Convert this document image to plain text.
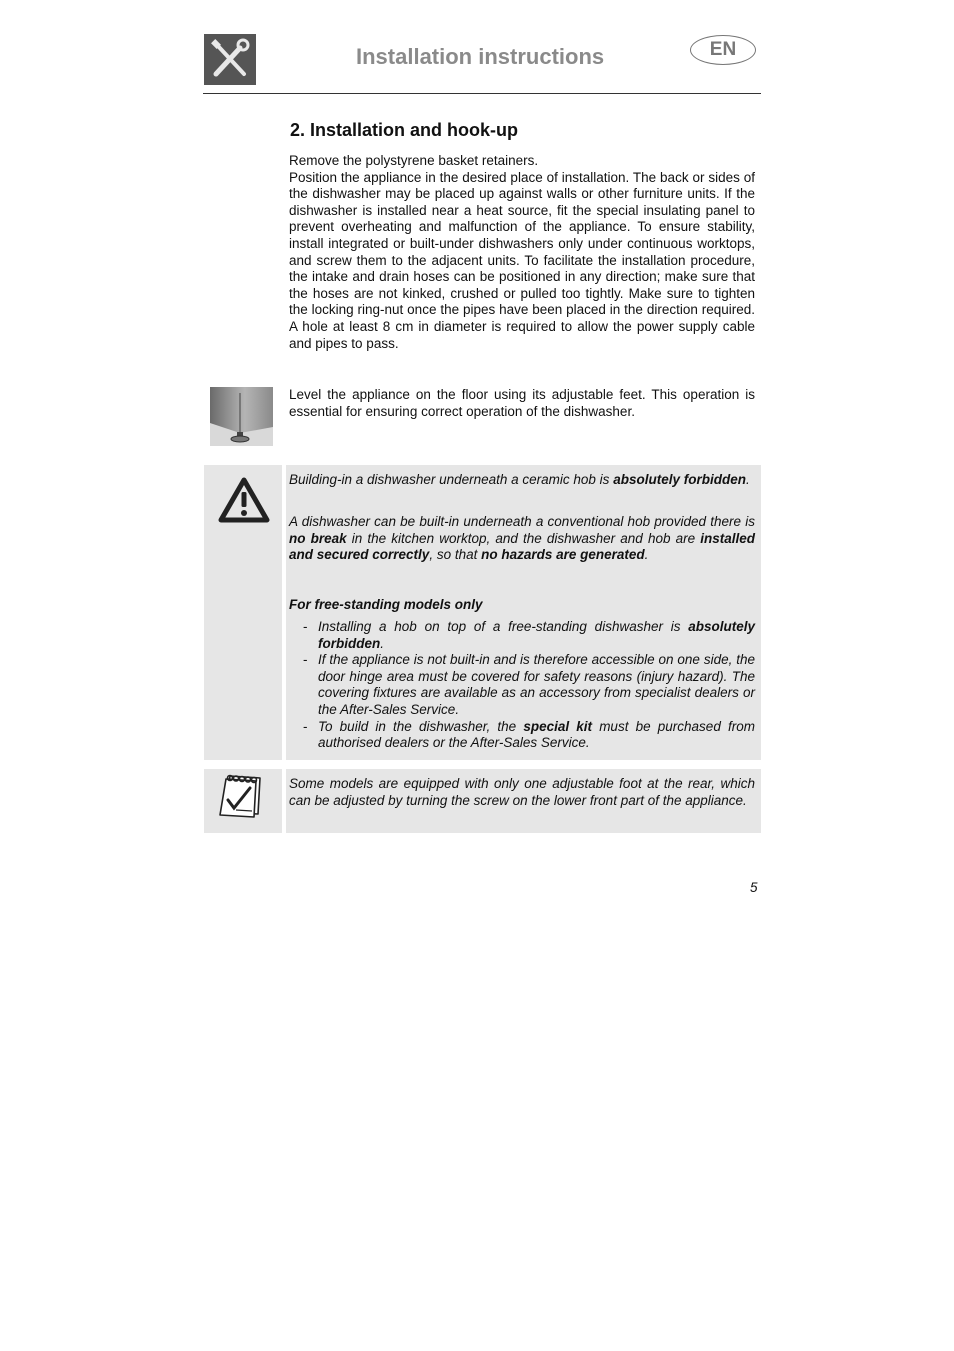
Installation instructions	EN
2. Installation and hook-up

Remove the polystyrene basket retainers.

Position the appliance in the desired place of installation. The back or sides of the dishwasher may be placed up against walls or other furniture units. If the dishwasher is installed near a heat source, fit the special insulating panel to prevent overheating and malfunction of the appliance. To ensure stability, install integrated or built-under dishwashers only under continuous worktops, and screw them to the adjacent units. To facilitate the installation procedure, the intake and drain hoses can be positioned in any direction; make sure that the hoses are not kinked, crushed or pulled too tightly. Make sure to tighten the locking ring-nut once the pipes have been placed in the direction required. A hole at least 8 cm in diameter is required to allow the power supply cable and pipes to pass.

Level the appliance on the floor using its adjustable feet. This operation is essential for ensuring correct operation of the dishwasher.

Building-in a dishwasher underneath a ceramic hob is absolutely forbidden.

A dishwasher can be built-in underneath a conventional hob provided there is no break in the kitchen worktop, and the dishwasher and hob are installed and secured correctly, so that no hazards are generated.

For free-standing models only
- Installing a hob on top of a free-standing dishwasher is absolutely forbidden.
- If the appliance is not built-in and is therefore accessible on one side, the door hinge area must be covered for safety reasons (injury hazard). The covering fixtures are available as an accessory from specialist dealers or the After-Sales Service.
- To build in the dishwasher, the special kit must be purchased from authorised dealers or the After-Sales Service.
Some models are equipped with only one adjustable foot at the rear, which can be adjusted by turning the screw on the lower front part of the appliance.
5
